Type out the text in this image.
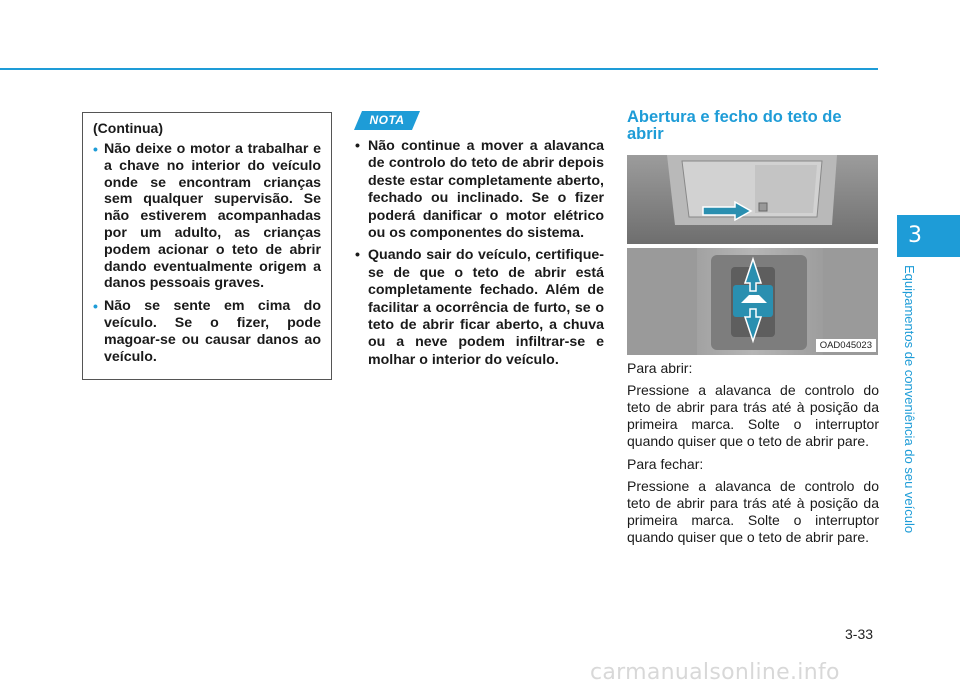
(Continua)

• Não deixe o motor a trabalhar e a chave no interior do veículo onde se encontram crianças sem qualquer supervisão. Se não estiverem acompanhadas por um adulto, as crianças podem acionar o teto de abrir dando eventualmente origem a danos pessoais graves.
• Não se sente em cima do veículo. Se o fizer, pode magoar-se ou causar danos ao veículo.
NOTA
• Não continue a mover a alavanca de controlo do teto de abrir depois deste estar completamente aberto, fechado ou inclinado. Se o fizer poderá danificar o motor elétrico ou os componentes do sistema.
• Quando sair do veículo, certifique-se de que o teto de abrir está completamente fechado. Além de facilitar a ocorrência de furto, se o teto de abrir ficar aberto, a chuva ou a neve podem infiltrar-se e molhar o interior do veículo.
Abertura e fecho do teto de abrir
OAD045023

Para abrir:

Pressione a alavanca de controlo do teto de abrir para trás até à posição da primeira marca. Solte o interruptor quando quiser que o teto de abrir pare.

Para fechar:

Pressione a alavanca de controlo do teto de abrir para trás até à posição da primeira marca. Solte o interruptor quando quiser que o teto de abrir pare.

3
Equipamentos de conveniência do seu veículo
3-33
carmanualsonline.info
